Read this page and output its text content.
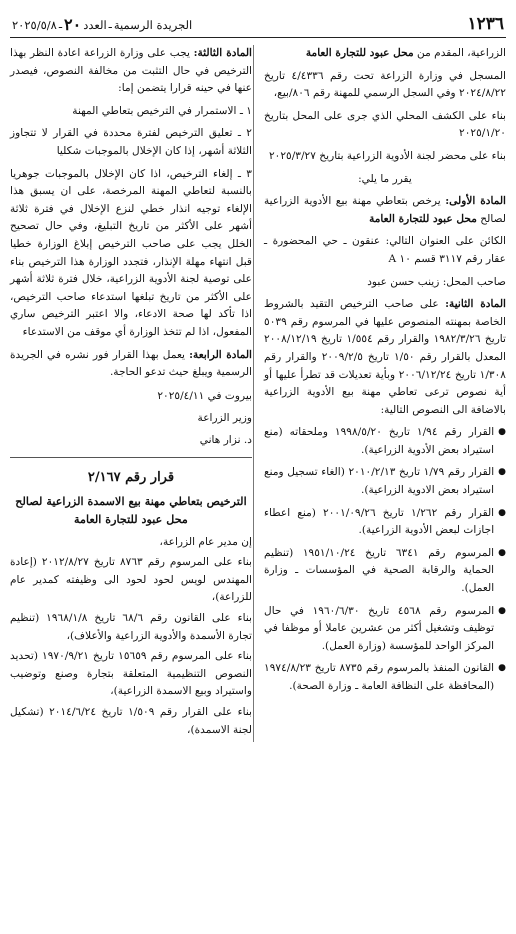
١٢٣٦
الجريدة الرسمية
ـ
العدد
٢٠
ـ
٢٠٢٥/٥/٨

الزراعية، المقدم من محل عبود للتجارة العامة

المسجل في وزارة الزراعة تحت رقم ٤/٤٣٣٦ تاريخ ٢٠٢٤/٨/٢٢ وفي السجل الرسمي للمهنة رقم ٨٠٦/بيع،

بناء على الكشف المحلي الذي جرى على المحل بتاريخ ٢٠٢٥/١/٢٠

بناء على محضر لجنة الأدوية الزراعية بتاريخ ٢٠٢٥/٣/٢٧

يقرر ما يلي:

المادة الأولى: يرخص بتعاطي مهنة بيع الأدوية الزراعية لصالح محل عبود للتجارة العامة

الكائن على العنوان التالي: عنقون ـ حي المحضورة ـ عقار رقم ٣١١٧ قسم ١٠ A

صاحب المحل: زينب حسن عبود

المادة الثانية: على صاحب الترخيص التقيد بالشروط الخاصة بمهنته المنصوص عليها في المرسوم رقم ٥٠٣٩ تاريخ ١٩٨٢/٣/٢٦ والقرار رقم ١/٥٥٤ تاريخ ٢٠٠٨/١٢/١٩ المعدل بالقرار رقم ١/٥٠ تاريخ ٢٠٠٩/٢/٥ والقرار رقم ١/٣٠٨ تاريخ ٢٠٠٦/١٢/٢٤ وبأية تعديلات قد تطرأ عليها أو أية نصوص ترعى تعاطي مهنة بيع الأدوية الزراعية بالاضافة الى النصوص التالية:

●

القرار رقم ١/٩٤ تاريخ ١٩٩٨/٥/٢٠ وملحقاته (منع استيراد بعض الأدوية الزراعية).

●

القرار رقم ١/٧٩ تاريخ ٢٠١٠/٢/١٣ (الغاء تسجيل ومنع استيراد بعض الادوية الزراعية).

●

القرار رقم ١/٢٦٢ تاريخ ٢٠٠١/٠٩/٢٦ (منع اعطاء اجازات لبعض الأدوية الزراعية).

●

المرسوم رقم ٦٣٤١ تاريخ ١٩٥١/١٠/٢٤ (تنظيم الحماية والرقابة الصحية في المؤسسات ـ وزارة العمل).

●

المرسوم رقم ٤٥٦٨ تاريخ ١٩٦٠/٦/٣٠ في حال توظيف وتشغيل أكثر من عشرين عاملا أو موظفا في المركز الواحد للمؤسسة (وزارة العمل).

●

القانون المنفذ بالمرسوم رقم ٨٧٣٥ تاريخ ١٩٧٤/٨/٢٣ (المحافظة على النظافة العامة ـ وزارة الصحة).

المادة الثالثة: يجب على وزارة الزراعة اعادة النظر بهذا الترخيص في حال التثبت من مخالفة النصوص، فيصدر عنها في حينه قرارا يتضمن إما:

١ ـ الاستمرار في الترخيص بتعاطي المهنة

٢ ـ تعليق الترخيص لفترة محددة في القرار لا تتجاوز الثلاثة أشهر، إذا كان الإخلال بالموجبات شكليا

٣ ـ إلغاء الترخيص، اذا كان الإخلال بالموجبات جوهريا بالنسبة لتعاطي المهنة المرخصة، على ان يسبق هذا الإلغاء توجيه انذار خطي لنزع الإخلال في فترة ثلاثة أشهر على الأكثر من تاريخ التبليغ، وفي حال تصحيح الخلل يجب على صاحب الترخيص إبلاغ الوزارة خطيا قبل انتهاء مهلة الإنذار، فتجدد الوزارة هذا الترخيص بناء على توصية لجنة الأدوية الزراعية، خلال فترة ثلاثة أشهر على الأكثر من تاريخ تبلغها استدعاء صاحب الترخيص، اذا تأكد لها صحة الادعاء، والا اعتبر الترخيص ساري المفعول، اذا لم تتخذ الوزارة أي موقف من الاستدعاء

المادة الرابعة: يعمل بهذا القرار فور نشره في الجريدة الرسمية ويبلغ حيث تدعو الحاجة.

بيروت في ٢٠٢٥/٤/١١

وزير الزراعة

د. نزار هاني

قرار رقم ٢/١٦٧
الترخيص بتعاطي مهنة بيع الاسمدة الزراعية لصالح محل عبود للتجارة العامة

إن مدير عام الزراعة،

بناء على المرسوم رقم ٨٧٦٣ تاريخ ٢٠١٢/٨/٢٧ (إعادة المهندس لويس لحود لحود الى وظيفته كمدير عام للزراعة)،

بناء على القانون رقم ٦٨/٦ تاريخ ١٩٦٨/١/٨ (تنظيم تجارة الأسمدة والأدوية الزراعية والأعلاف)،

بناء على المرسوم رقم ١٥٦٥٩ تاريخ ١٩٧٠/٩/٢١ (تحديد النصوص التنظيمية المتعلقة بتجارة وصنع وتوضيب واستيراد وبيع الاسمدة الزراعية)،

بناء على القرار رقم ١/٥٠٩ تاريخ ٢٠١٤/٦/٢٤ (تشكيل لجنة الاسمدة)،
